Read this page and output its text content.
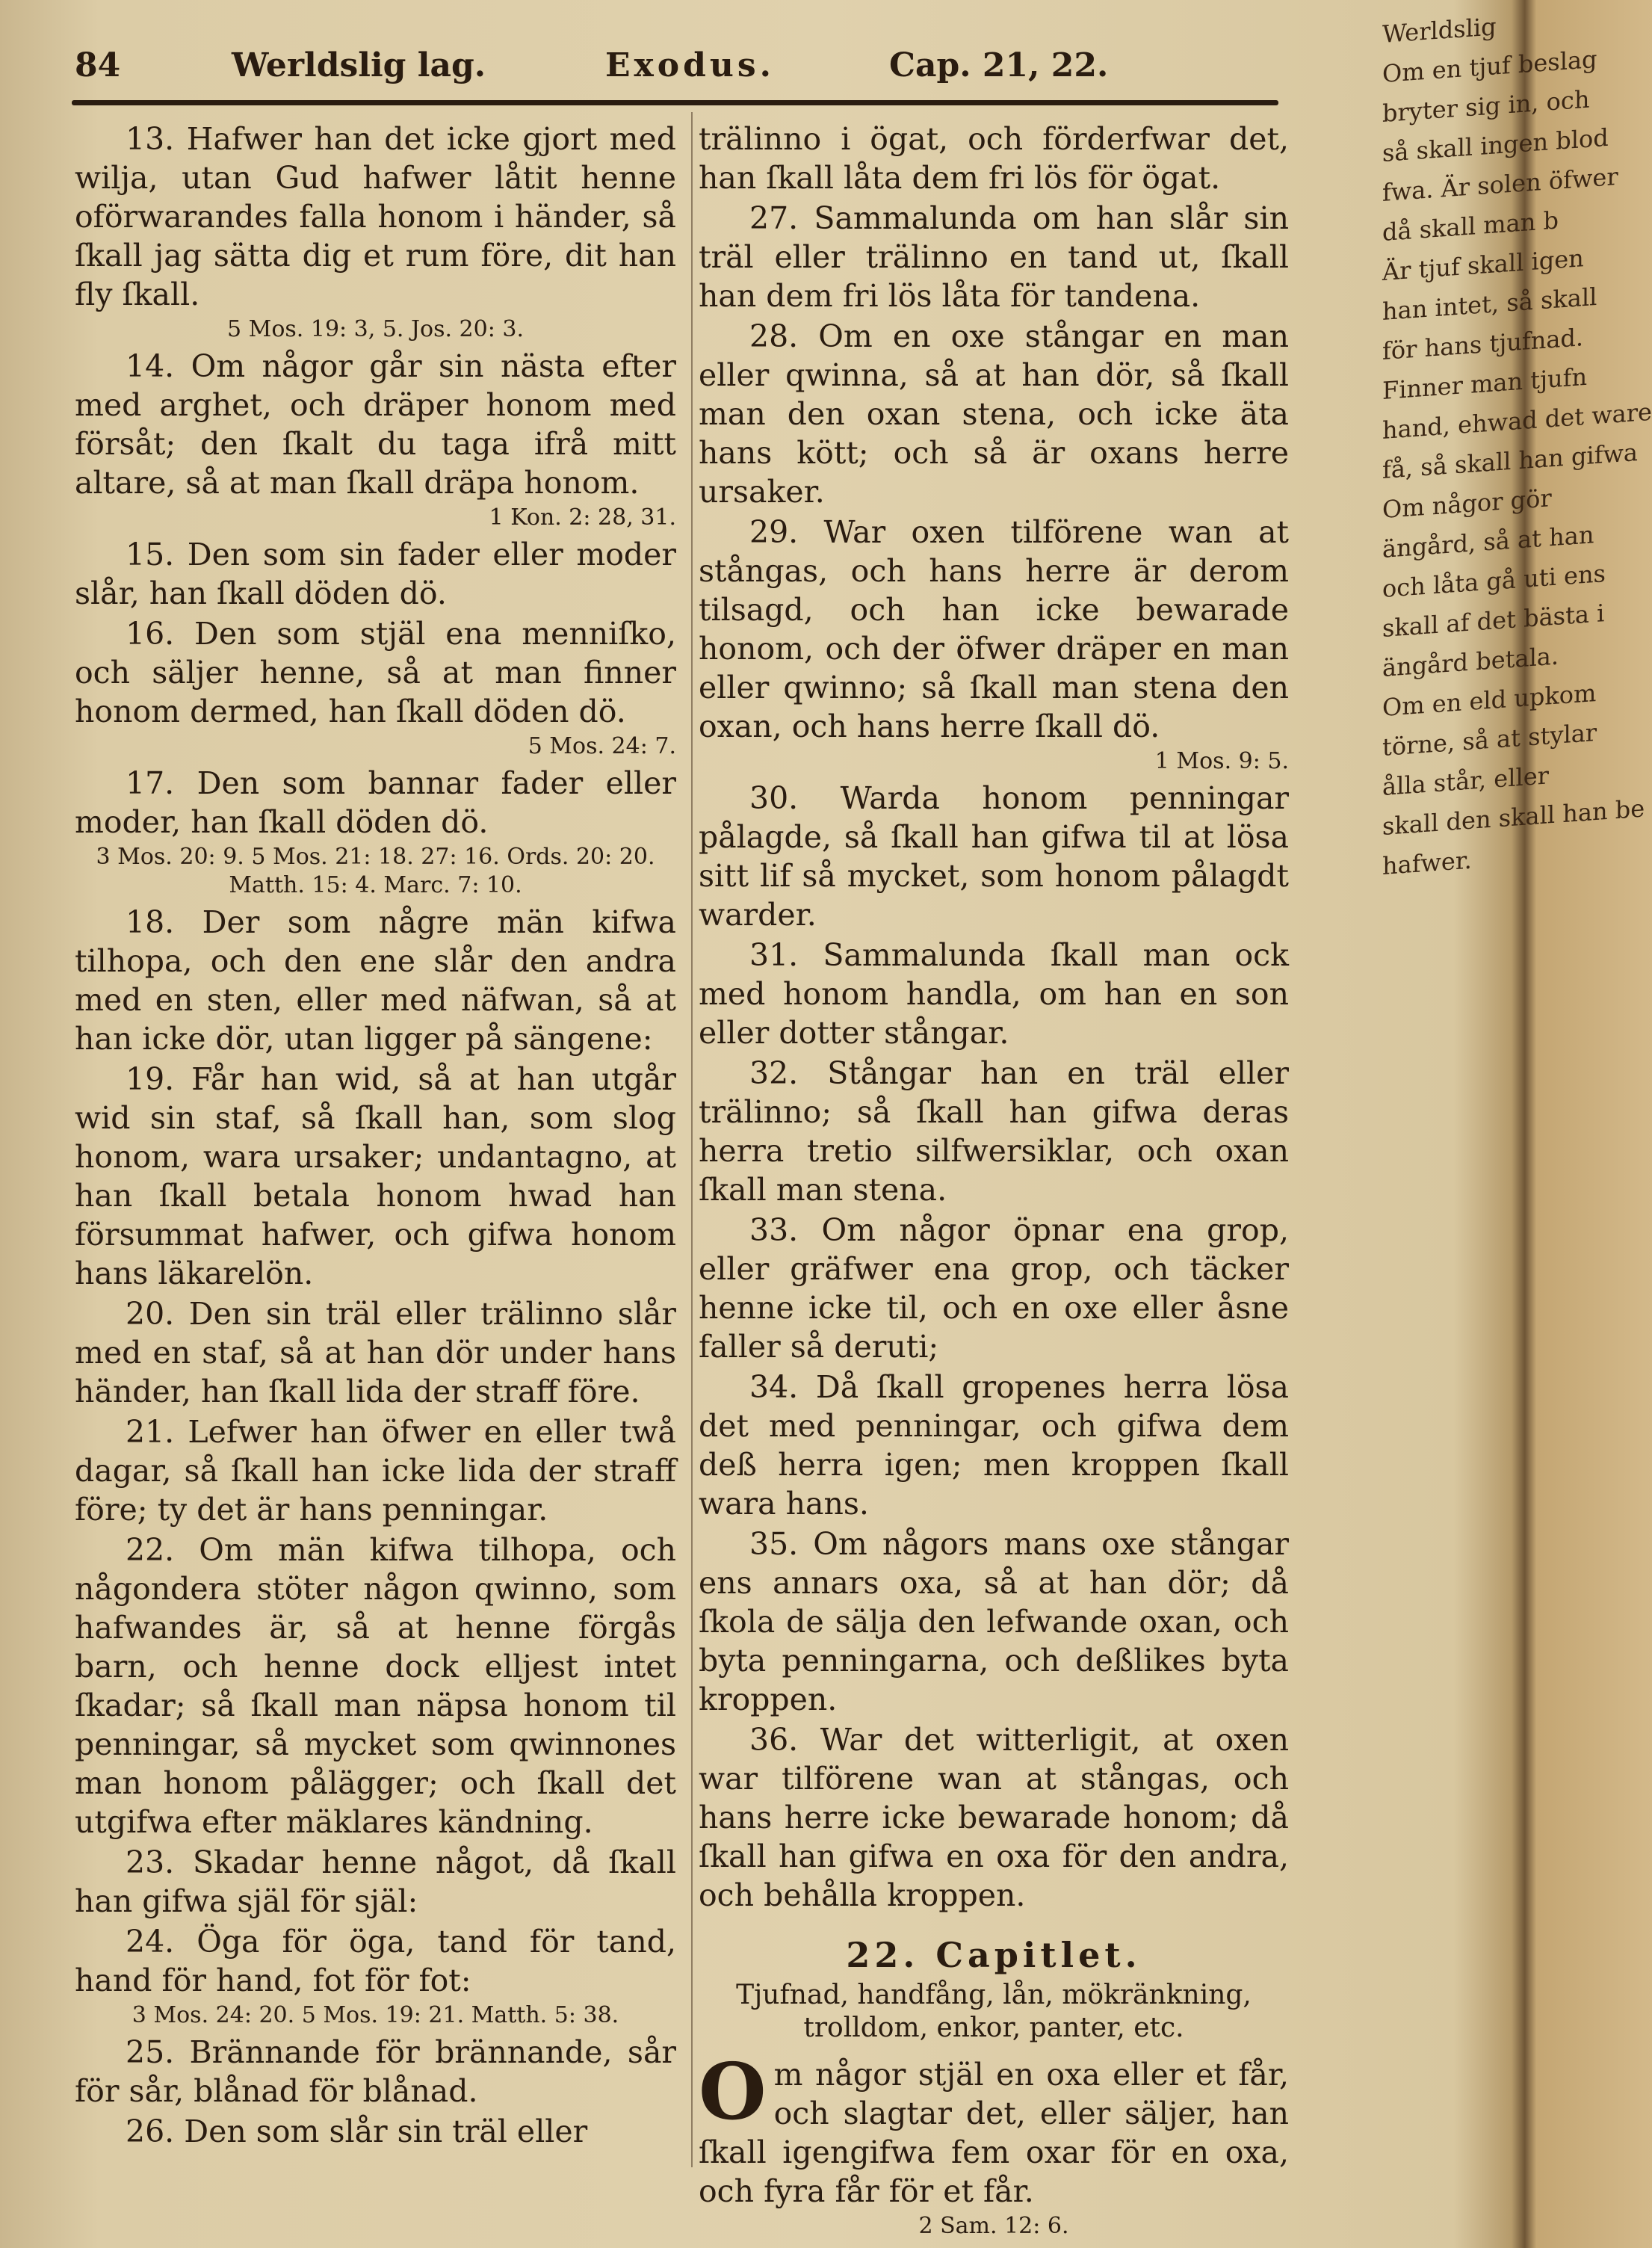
84	Werldslig lag.	Exodus.	Cap. 21, 22.

13. Hafwer han det icke gjort med wilja, utan Gud hafwer låtit henne oförwarandes falla honom i händer, så ſkall jag sätta dig et rum före, dit han fly ſkall.

5 Mos. 19: 3, 5. Jos. 20: 3.

14. Om någor går sin nästa efter med arghet, och dräper honom med försåt; den ſkalt du taga ifrå mitt altare, så at man ſkall dräpa honom.

1 Kon. 2: 28, 31.

15. Den som sin fader eller moder slår, han ſkall döden dö.

16. Den som stjäl ena menniſko, och säljer henne, så at man finner honom dermed, han ſkall döden dö.

5 Mos. 24: 7.

17. Den som bannar fader eller moder, han ſkall döden dö.

3 Mos. 20: 9. 5 Mos. 21: 18. 27: 16. Ords. 20: 20. Matth. 15: 4. Marc. 7: 10.

18. Der som någre män kifwa tilhopa, och den ene slår den andra med en sten, eller med näfwan, så at han icke dör, utan ligger på sängene:

19. Får han wid, så at han utgår wid sin staf, så ſkall han, som slog honom, wara ursaker; undantagno, at han ſkall betala honom hwad han försummat hafwer, och gifwa honom hans läkarelön.

20. Den sin träl eller trälinno slår med en staf, så at han dör under hans händer, han ſkall lida der straff före.

21. Lefwer han öfwer en eller twå dagar, så ſkall han icke lida der straff före; ty det är hans penningar.

22. Om män kifwa tilhopa, och någondera stöter någon qwinno, som hafwandes är, så at henne förgås barn, och henne dock elljest intet ſkadar; så ſkall man näpsa honom til penningar, så mycket som qwinnones man honom pålägger; och ſkall det utgifwa efter mäklares kändning.

23. Skadar henne något, då ſkall han gifwa själ för själ:

24. Öga för öga, tand för tand, hand för hand, fot för fot:

3 Mos. 24: 20. 5 Mos. 19: 21. Matth. 5: 38.

25. Brännande för brännande, sår för sår, blånad för blånad.

26. Den som slår sin träl eller

trälinno i ögat, och förderfwar det, han ſkall låta dem fri lös för ögat.

27. Sammalunda om han slår sin träl eller trälinno en tand ut, ſkall han dem fri lös låta för tandena.

28. Om en oxe stångar en man eller qwinna, så at han dör, så ſkall man den oxan stena, och icke äta hans kött; och så är oxans herre ursaker.

29. War oxen tilförene wan at stångas, och hans herre är derom tilsagd, och han icke bewarade honom, och der öfwer dräper en man eller qwinno; så ſkall man stena den oxan, och hans herre ſkall dö.

1 Mos. 9: 5.

30. Warda honom penningar pålagde, så ſkall han gifwa til at lösa sitt lif så mycket, som honom pålagdt warder.

31. Sammalunda ſkall man ock med honom handla, om han en son eller dotter stångar.

32. Stångar han en träl eller trälinno; så ſkall han gifwa deras herra tretio silfwersiklar, och oxan ſkall man stena.

33. Om någor öpnar ena grop, eller gräfwer ena grop, och täcker henne icke til, och en oxe eller åsne faller så deruti;

34. Då ſkall gropenes herra lösa det med penningar, och gifwa dem deß herra igen; men kroppen ſkall wara hans.

35. Om någors mans oxe stångar ens annars oxa, så at han dör; då ſkola de sälja den lefwande oxan, och byta penningarna, och deßlikes byta kroppen.

36. War det witterligit, at oxen war tilförene wan at stångas, och hans herre icke bewarade honom; då ſkall han gifwa en oxa för den andra, och behålla kroppen.

22. Capitlet.
Tjufnad, handfång, lån, mökränkning, trolldom, enkor, panter, etc.

Om någor stjäl en oxa eller et får, och slagtar det, eller säljer, han ſkall igengifwa fem oxar för en oxa, och fyra får för et får.

2 Sam. 12: 6.
Werldslig
Om en tjuf beslag
bryter sig in, och
så skall ingen blod
fwa. Är solen öfwer
då skall man b
Är tjuf skall igen
han intet, så skall
för hans tjufnad.
Finner man tjufn
hand, ehwad det ware
få, så skall han gifwa
Om någor gör
ängård, så at han
och låta gå uti ens
skall af det bästa i
ängård betala.
Om en eld upkom
törne, så at stylar
ålla står, eller
skall den skall han be
hafwer.
